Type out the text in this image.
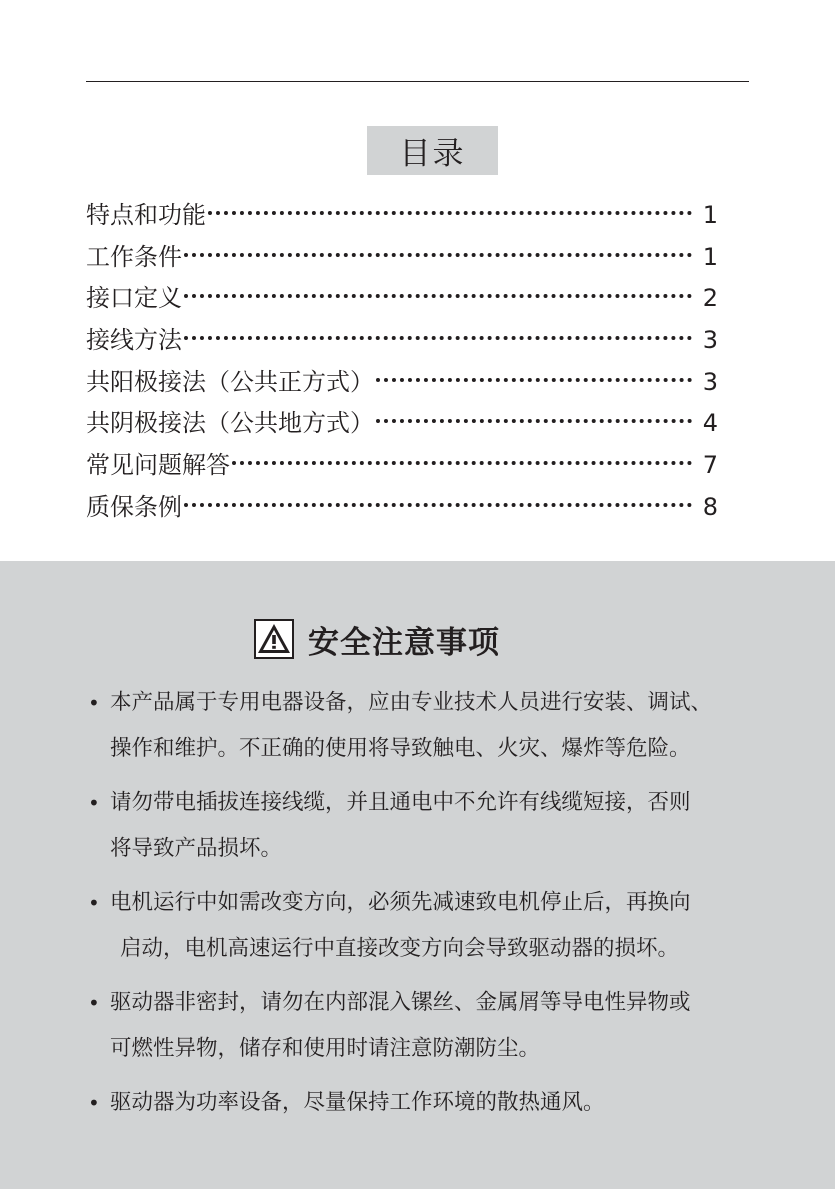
目录
特点和功能	1
工作条件	1
接口定义	2
接线方法	3
共阳极接法（公共正方式）	3
共阴极接法（公共地方式）	4
常见问题解答	7
质保条例	8
安全注意事项
• 本产品属于专用电器设备，应由专业技术人员进行安装、调试、
操作和维护。不正确的使用将导致触电、火灾、爆炸等危险。
• 请勿带电插拔连接线缆，并且通电中不允许有线缆短接，否则
将导致产品损坏。
• 电机运行中如需改变方向，必须先减速致电机停止后，再换向
启动，电机高速运行中直接改变方向会导致驱动器的损坏。
• 驱动器非密封，请勿在内部混入镙丝、金属屑等导电性异物或
可燃性异物，储存和使用时请注意防潮防尘。
• 驱动器为功率设备，尽量保持工作环境的散热通风。
